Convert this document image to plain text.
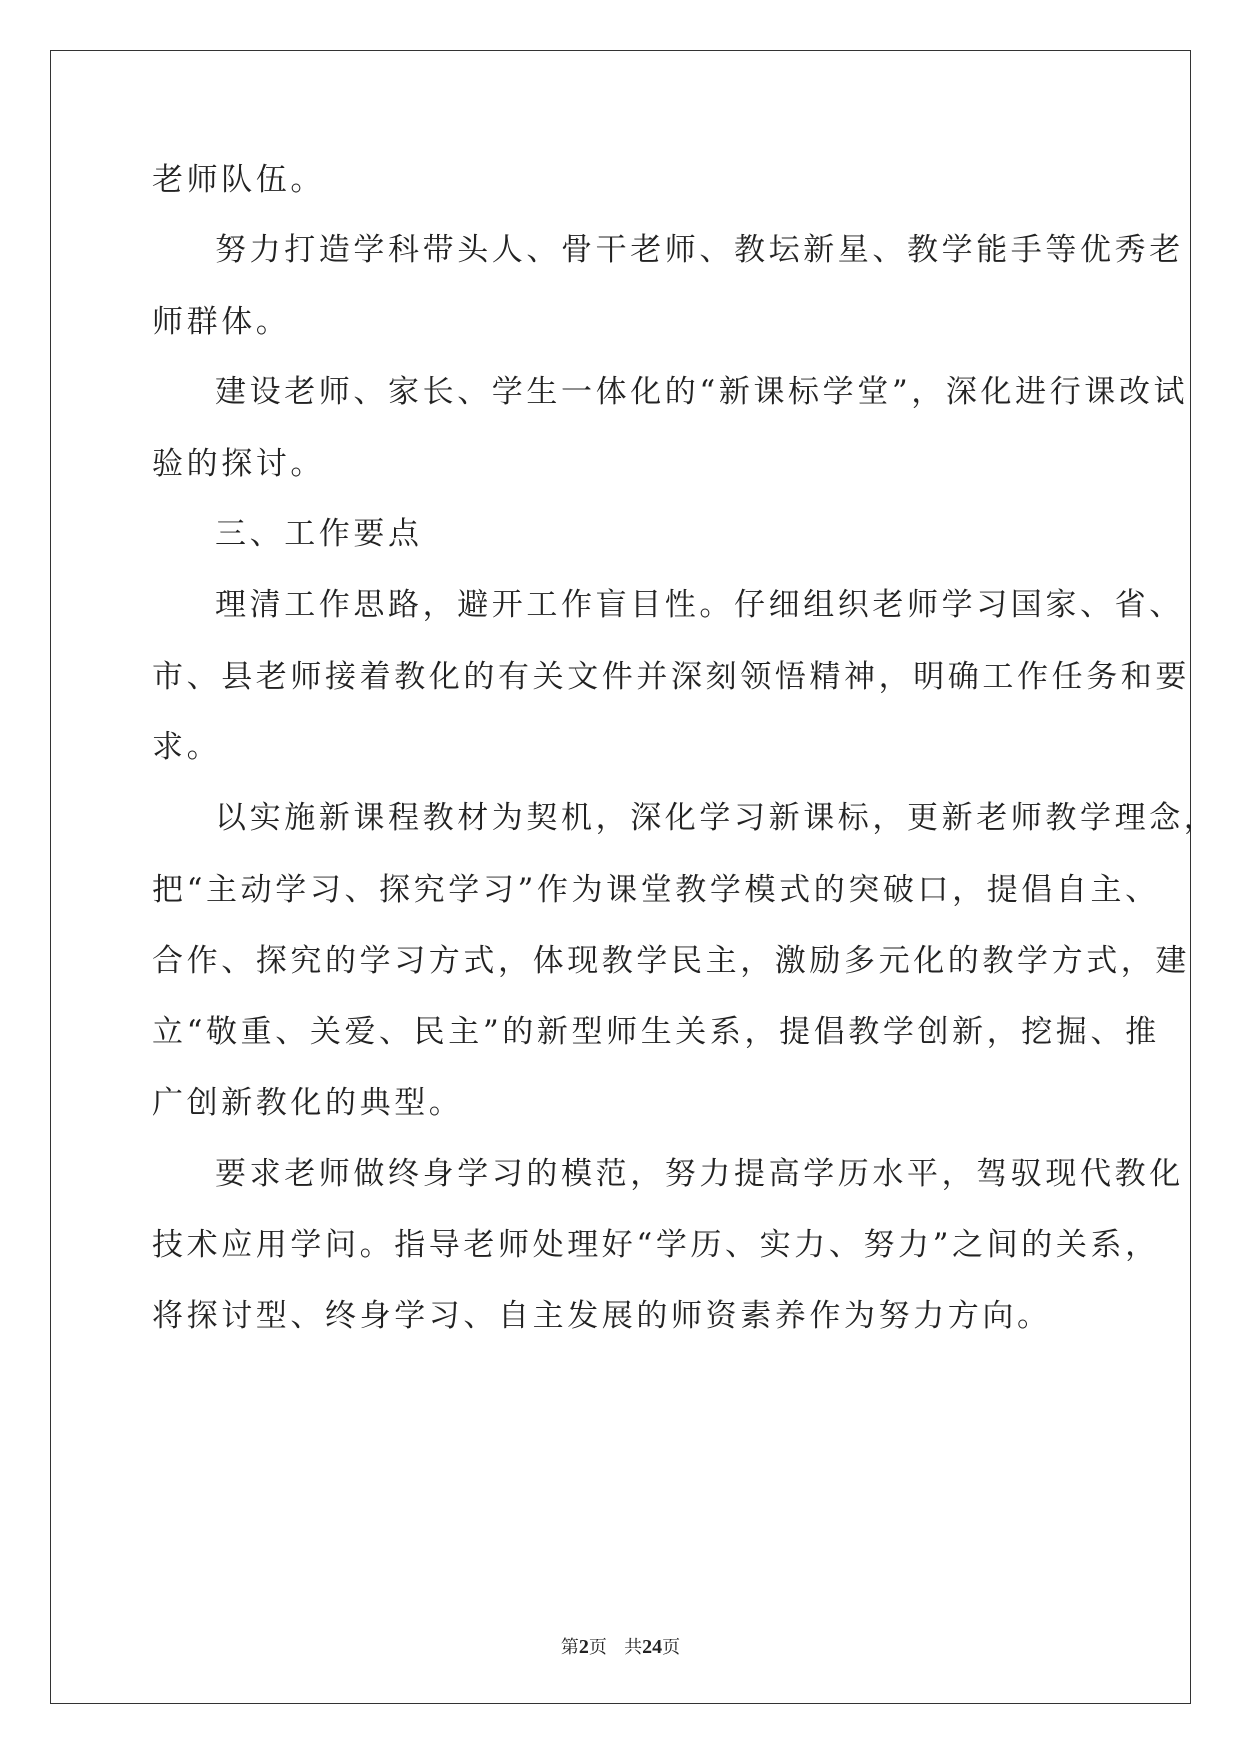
老师队伍。
努力打造学科带头人、骨干老师、教坛新星、教学能手等优秀老
师群体。
建设老师、家长、学生一体化的“新课标学堂”，深化进行课改试
验的探讨。
三、工作要点
理清工作思路，避开工作盲目性。仔细组织老师学习国家、省、
市、县老师接着教化的有关文件并深刻领悟精神，明确工作任务和要
求。
以实施新课程教材为契机，深化学习新课标，更新老师教学理念，
把“主动学习、探究学习”作为课堂教学模式的突破口，提倡自主、
合作、探究的学习方式，体现教学民主，激励多元化的教学方式，建
立“敬重、关爱、民主”的新型师生关系，提倡教学创新，挖掘、推
广创新教化的典型。
要求老师做终身学习的模范，努力提高学历水平，驾驭现代教化
技术应用学问。指导老师处理好“学历、实力、努力”之间的关系，
将探讨型、终身学习、自主发展的师资素养作为努力方向。
第2页 共24页
